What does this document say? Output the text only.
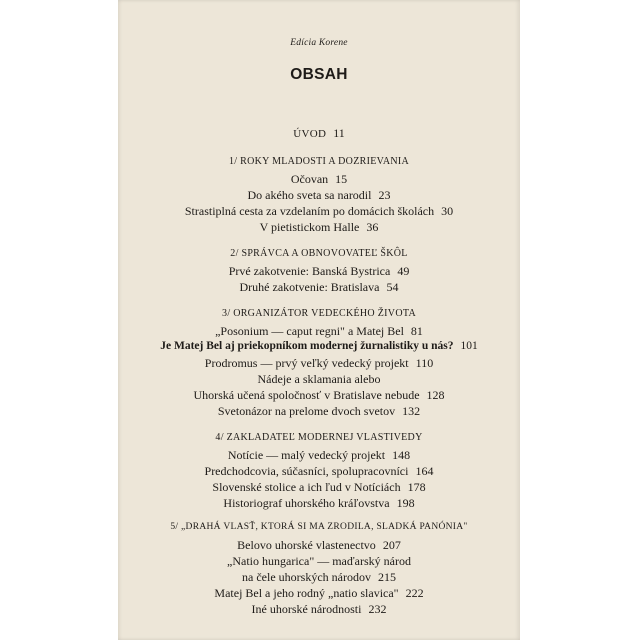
Edícia Korene
OBSAH
ÚVOD 11
1/ ROKY MLADOSTI A DOZRIEVANIA
Očovan 15
Do akého sveta sa narodil 23
Strastiplná cesta za vzdelaním po domácich školách 30
V pietistickom Halle 36
2/ SPRÁVCA A OBNOVOVATEĽ ŠKÔL
Prvé zakotvenie: Banská Bystrica 49
Druhé zakotvenie: Bratislava 54
3/ ORGANIZÁTOR VEDECKÉHO ŽIVOTA
„Posonium — caput regni" a Matej Bel 81
Je Matej Bel aj priekopníkom modernej žurnalistiky u nás? 101
Prodromus — prvý veľký vedecký projekt 110
Nádeje a sklamania alebo
Uhorská učená spoločnosť v Bratislave nebude 128
Svetonázor na prelome dvoch svetov 132
4/ ZAKLADATEĽ MODERNEJ VLASTIVEDY
Notície — malý vedecký projekt 148
Predchodcovia, súčasníci, spolupracovníci 164
Slovenské stolice a ich ľud v Notíciách 178
Historiograf uhorského kráľovstva 198
5/ „DRAHÁ VLASŤ, KTORÁ SI MA ZRODILA, SLADKÁ PANÓNIA"
Belovo uhorské vlastenectvo 207
„Natio hungarica" — maďarský národ
na čele uhorských národov 215
Matej Bel a jeho rodný „natio slavica" 222
Iné uhorské národnosti 232
